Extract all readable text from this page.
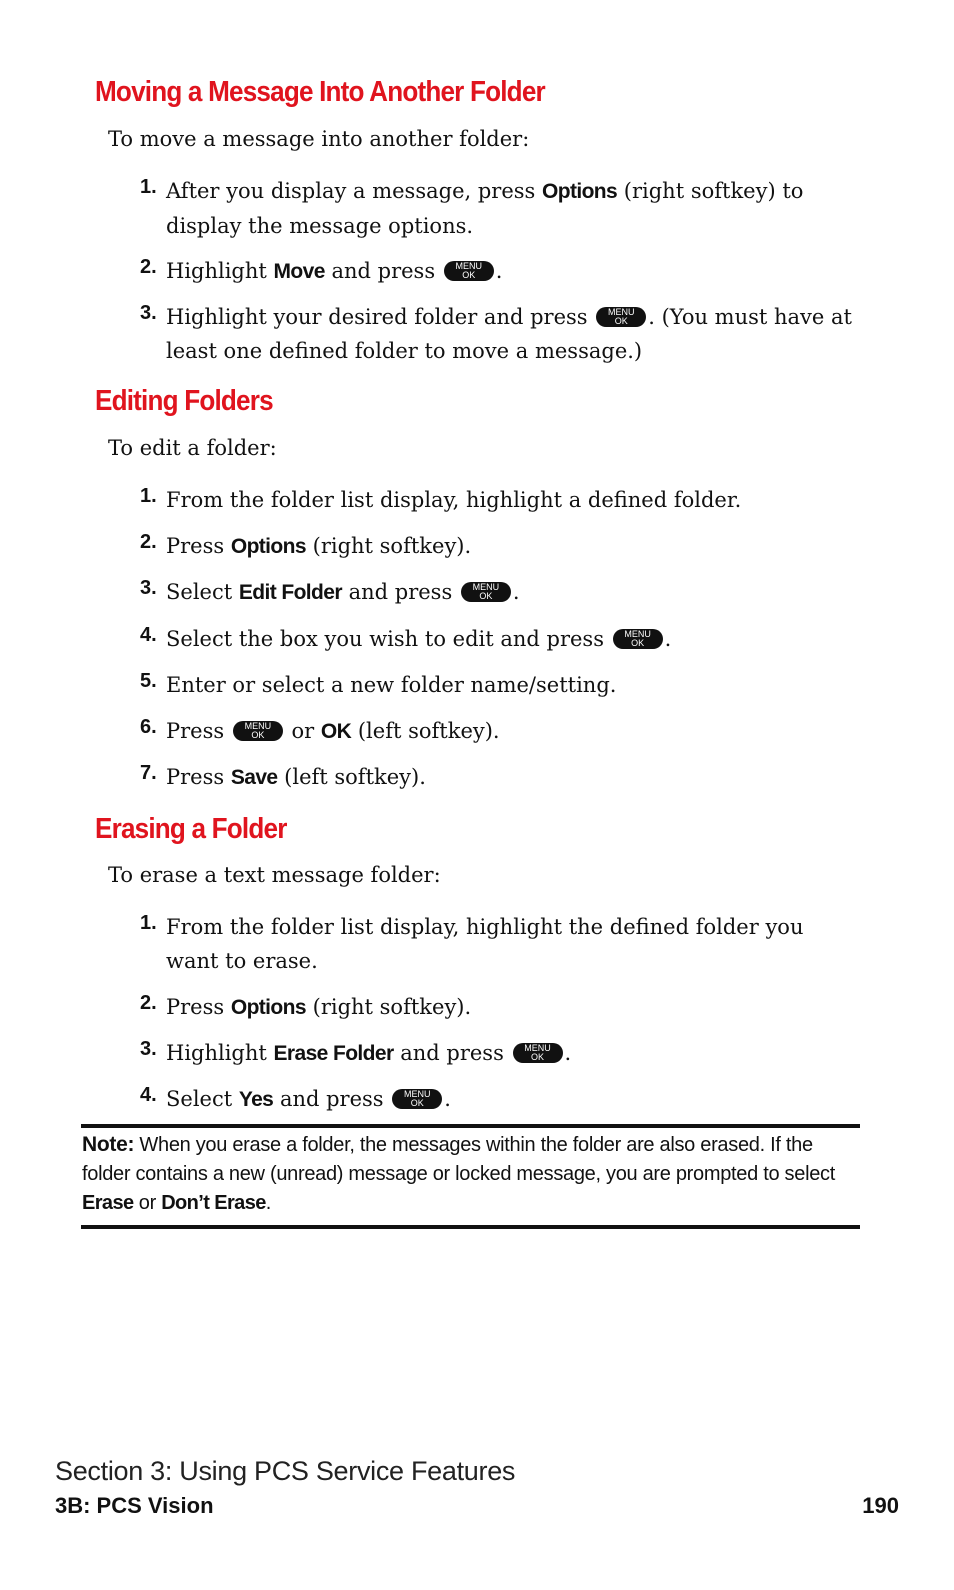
Moving a Message Into Another Folder
To move a message into another folder:
1. After you display a message, press Options (right softkey) to display the message options.
2. Highlight Move and press	MENU
OK .
3. Highlight your desired folder and press	MENU
OK . (You must have at least one defined folder to move a message.)
Editing Folders
To edit a folder:
1. From the folder list display, highlight a defined folder.
2. Press Options (right softkey).
3. Select Edit Folder and press	MENU
OK .
4. Select the box you wish to edit and press	MENU
OK .
5. Enter or select a new folder name/setting.
6. Press	MENU
OK or OK (left softkey).
7. Press Save (left softkey).
Erasing a Folder
To erase a text message folder:
1. From the folder list display, highlight the defined folder you want to erase.
2. Press Options (right softkey).
3. Highlight Erase Folder and press	MENU
OK .
4. Select Yes and press	MENU
OK .
Note: When you erase a folder, the messages within the folder are also erased. If the folder contains a new (unread) message or locked message, you are prompted to select Erase or Don’t Erase.
Section 3: Using PCS Service Features
3B: PCS Vision	190
